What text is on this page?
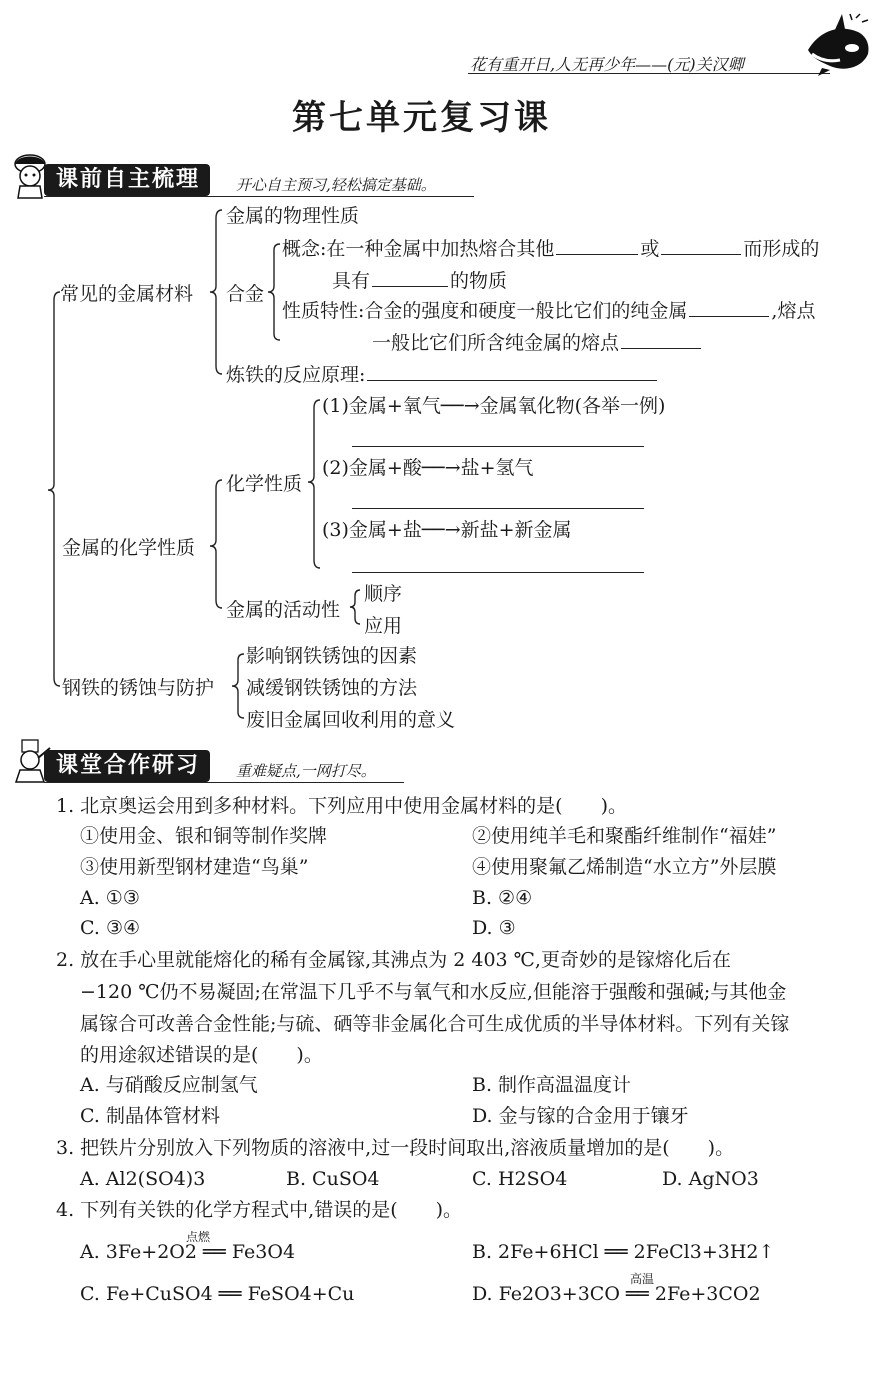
花有重开日,人无再少年——(元)关汉卿
第七单元复习课
课前自主梳理	开心自主预习,轻松搞定基础。
金属的物理性质
概念:在一种金属中加热熔合其他	或	而形成的
具有	的物质
常见的金属材料 合金
性质特性:合金的强度和硬度一般比它们的纯金属	,熔点
一般比它们所含纯金属的熔点
炼铁的反应原理:
(1)金属+氧气──→金属氧化物(各举一例)
(2)金属+酸──→盐+氢气
化学性质
(3)金属+盐──→新盐+新金属
金属的化学性质
顺序
金属的活动性
应用
影响钢铁锈蚀的因素
钢铁的锈蚀与防护 减缓钢铁锈蚀的方法
废旧金属回收利用的意义
课堂合作研习	重难疑点,一网打尽。
1. 北京奥运会用到多种材料。下列应用中使用金属材料的是(　　)。
①使用金、银和铜等制作奖牌	②使用纯羊毛和聚酯纤维制作“福娃”
③使用新型钢材建造“鸟巢”	④使用聚氟乙烯制造“水立方”外层膜
A. ①③	B. ②④
C. ③④	D. ③
2. 放在手心里就能熔化的稀有金属镓,其沸点为 2 403 ℃,更奇妙的是镓熔化后在
−120 ℃仍不易凝固;在常温下几乎不与氧气和水反应,但能溶于强酸和强碱;与其他金
属镓合可改善合金性能;与硫、硒等非金属化合可生成优质的半导体材料。下列有关镓
的用途叙述错误的是(　　)。
A. 与硝酸反应制氢气	B. 制作高温温度计
C. 制晶体管材料	D. 金与镓的合金用于镶牙
3. 把铁片分别放入下列物质的溶液中,过一段时间取出,溶液质量增加的是(　　)。
A. Al2(SO4)3	B. CuSO4	C. H2SO4	D. AgNO3
4. 下列有关铁的化学方程式中,错误的是(　　)。
点燃
A. 3Fe+2O2 ══ Fe3O4	B. 2Fe+6HCl ══ 2FeCl3+3H2↑
高温
C. Fe+CuSO4 ══ FeSO4+Cu	D. Fe2O3+3CO ══ 2Fe+3CO2
